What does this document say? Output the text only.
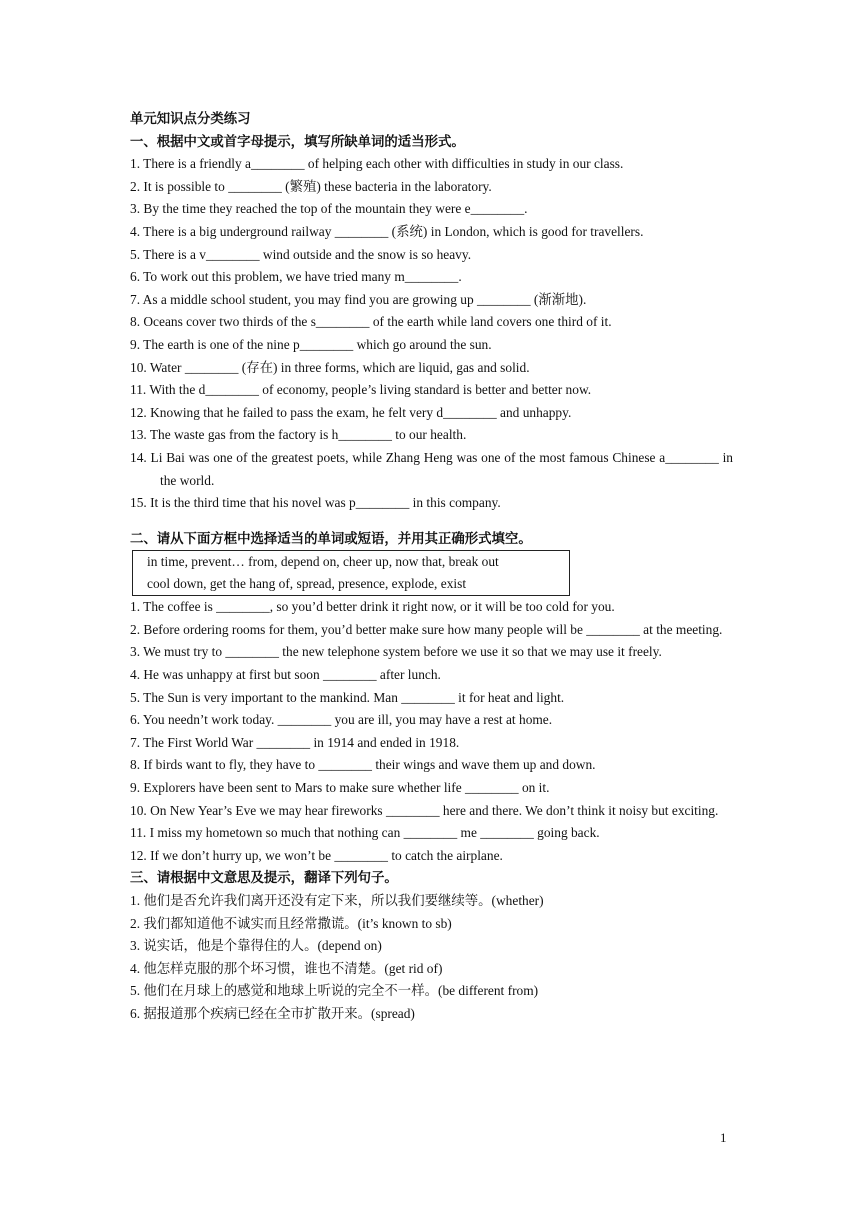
单元知识点分类练习
一、根据中文或首字母提示，填写所缺单词的适当形式。
1. There is a friendly a________ of helping each other with difficulties in study in our class.
2. It is possible to ________ (繁殖) these bacteria in the laboratory.
3. By the time they reached the top of the mountain they were e________.
4. There is a big underground railway ________ (系统) in London, which is good for travellers.
5. There is a v________ wind outside and the snow is so heavy.
6. To work out this problem, we have tried many m________.
7. As a middle school student, you may find you are growing up ________ (渐渐地).
8. Oceans cover two thirds of the s________ of the earth while land covers one third of it.
9. The earth is one of the nine p________ which go around the sun.
10. Water ________ (存在) in three forms, which are liquid, gas and solid.
11. With the d________ of economy, people’s living standard is better and better now.
12. Knowing that he failed to pass the exam, he felt very d________ and unhappy.
13. The waste gas from the factory is h________ to our health.
14. Li Bai was one of the greatest poets, while Zhang Heng was one of the most famous Chinese a________ in the world.
15. It is the third time that his novel was p________ in this company.
二、请从下面方框中选择适当的单词或短语，并用其正确形式填空。
in time, prevent… from, depend on, cheer up, now that, break out
cool down, get the hang of, spread, presence, explode, exist
1. The coffee is ________, so you’d better drink it right now, or it will be too cold for you.
2. Before ordering rooms for them, you’d better make sure how many people will be ________ at the meeting.
3. We must try to ________ the new telephone system before we use it so that we may use it freely.
4. He was unhappy at first but soon ________ after lunch.
5. The Sun is very important to the mankind. Man ________ it for heat and light.
6. You needn’t work today. ________ you are ill, you may have a rest at home.
7. The First World War ________ in 1914 and ended in 1918.
8. If birds want to fly, they have to ________ their wings and wave them up and down.
9. Explorers have been sent to Mars to make sure whether life ________ on it.
10. On New Year’s Eve we may hear fireworks ________ here and there. We don’t think it noisy but exciting.
11. I miss my hometown so much that nothing can ________ me ________ going back.
12. If we don’t hurry up, we won’t be ________ to catch the airplane.
三、请根据中文意思及提示，翻译下列句子。
1. 他们是否允许我们离开还没有定下来，所以我们要继续等。(whether)
2. 我们都知道他不诚实而且经常撒谎。(it’s known to sb)
3. 说实话，他是个靠得住的人。(depend on)
4. 他怎样克服的那个坏习惯，谁也不清楚。(get rid of)
5. 他们在月球上的感觉和地球上听说的完全不一样。(be different from)
6. 据报道那个疾病已经在全市扩散开来。(spread)
1
